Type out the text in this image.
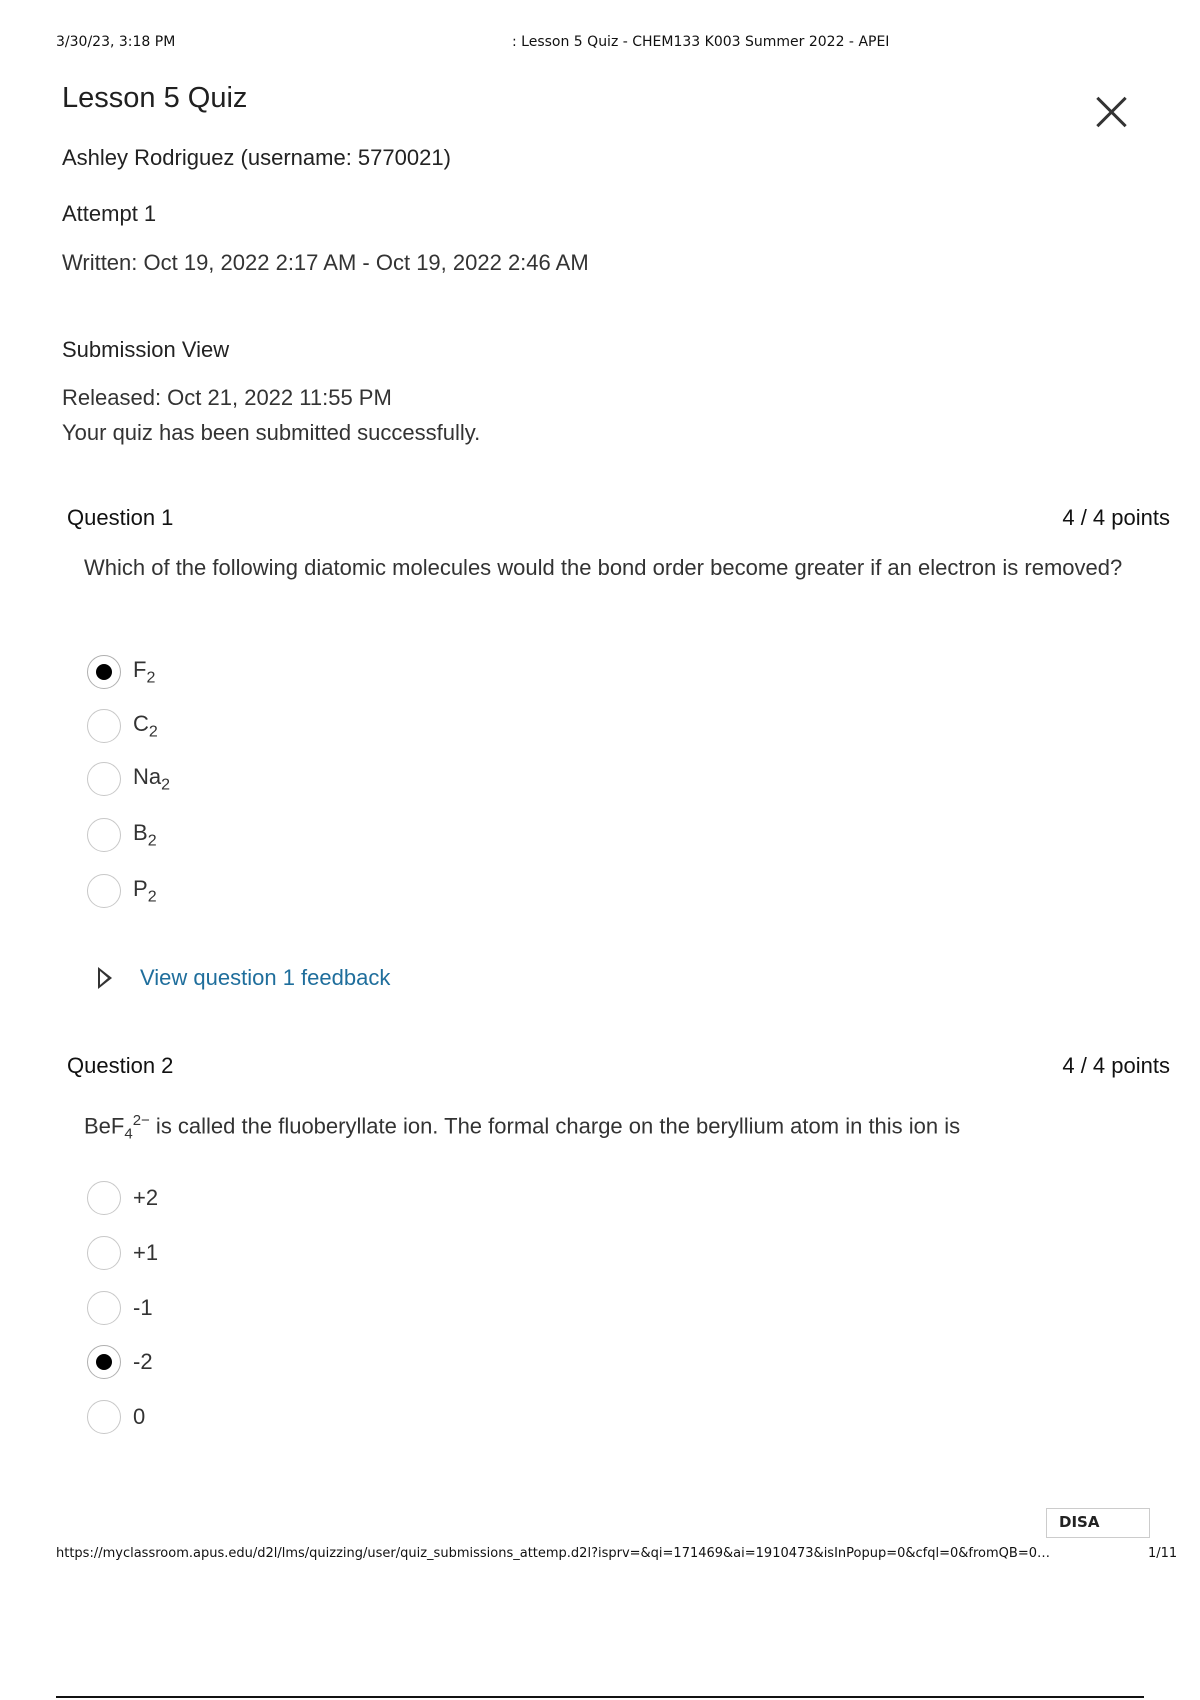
3/30/23, 3:18 PM	: Lesson 5 Quiz - CHEM133 K003 Summer 2022 - APEI
Lesson 5 Quiz
Ashley Rodriguez (username: 5770021)
Attempt 1
Written: Oct 19, 2022 2:17 AM - Oct 19, 2022 2:46 AM
Submission View
Released: Oct 21, 2022 11:55 PM
Your quiz has been submitted successfully.
Question 1	4 / 4 points
Which of the following diatomic molecules would the bond order become greater if an electron is removed?
$F_2$
$C_2$
$Na_2$
$B_2$
$P_2$
View question 1 feedback
Question 2	4 / 4 points
BeF$_4^{2-}$ is called the fluoberyllate ion. The formal charge on the beryllium atom in this ion is
+2
+1
-1
-2
0
DISA
https://myclassroom.apus.edu/d2l/lms/quizzing/user/quiz_submissions_attemp.d2l?isprv=&qi=171469&ai=1910473&isInPopup=0&cfql=0&fromQB=0…	1/11
